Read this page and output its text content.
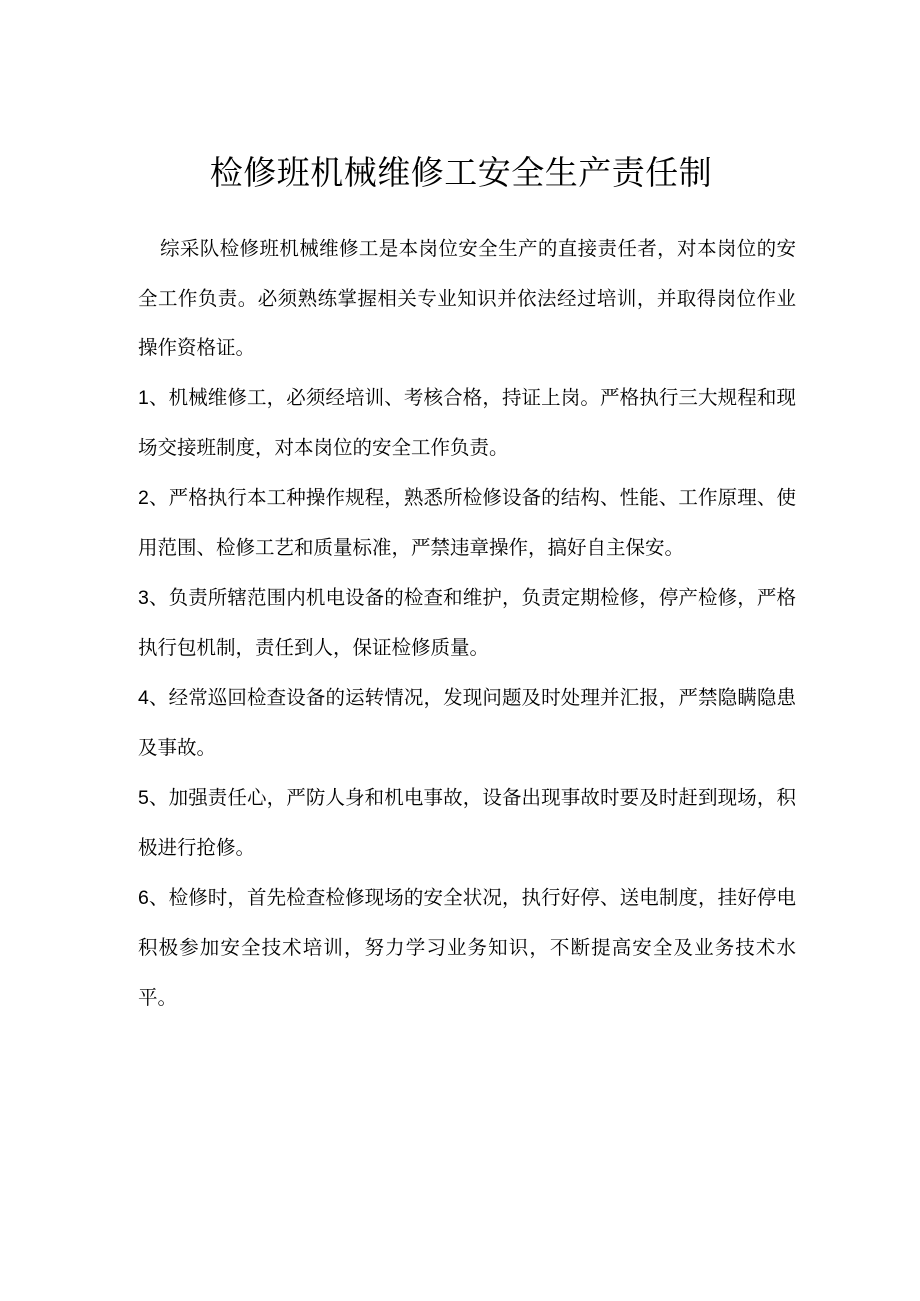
检修班机械维修工安全生产责任制

综采队检修班机械维修工是本岗位安全生产的直接责任者，对本岗位的安全工作负责。必须熟练掌握相关专业知识并依法经过培训，并取得岗位作业操作资格证。

1、机械维修工，必须经培训、考核合格，持证上岗。严格执行三大规程和现场交接班制度，对本岗位的安全工作负责。

2、严格执行本工种操作规程，熟悉所检修设备的结构、性能、工作原理、使用范围、检修工艺和质量标准，严禁违章操作，搞好自主保安。

3、负责所辖范围内机电设备的检查和维护，负责定期检修，停产检修，严格执行包机制，责任到人，保证检修质量。

4、经常巡回检查设备的运转情况，发现问题及时处理并汇报，严禁隐瞒隐患及事故。

5、加强责任心，严防人身和机电事故，设备出现事故时要及时赶到现场，积极进行抢修。

6、检修时，首先检查检修现场的安全状况，执行好停、送电制度，挂好停电积极参加安全技术培训，努力学习业务知识，不断提高安全及业务技术水平。
